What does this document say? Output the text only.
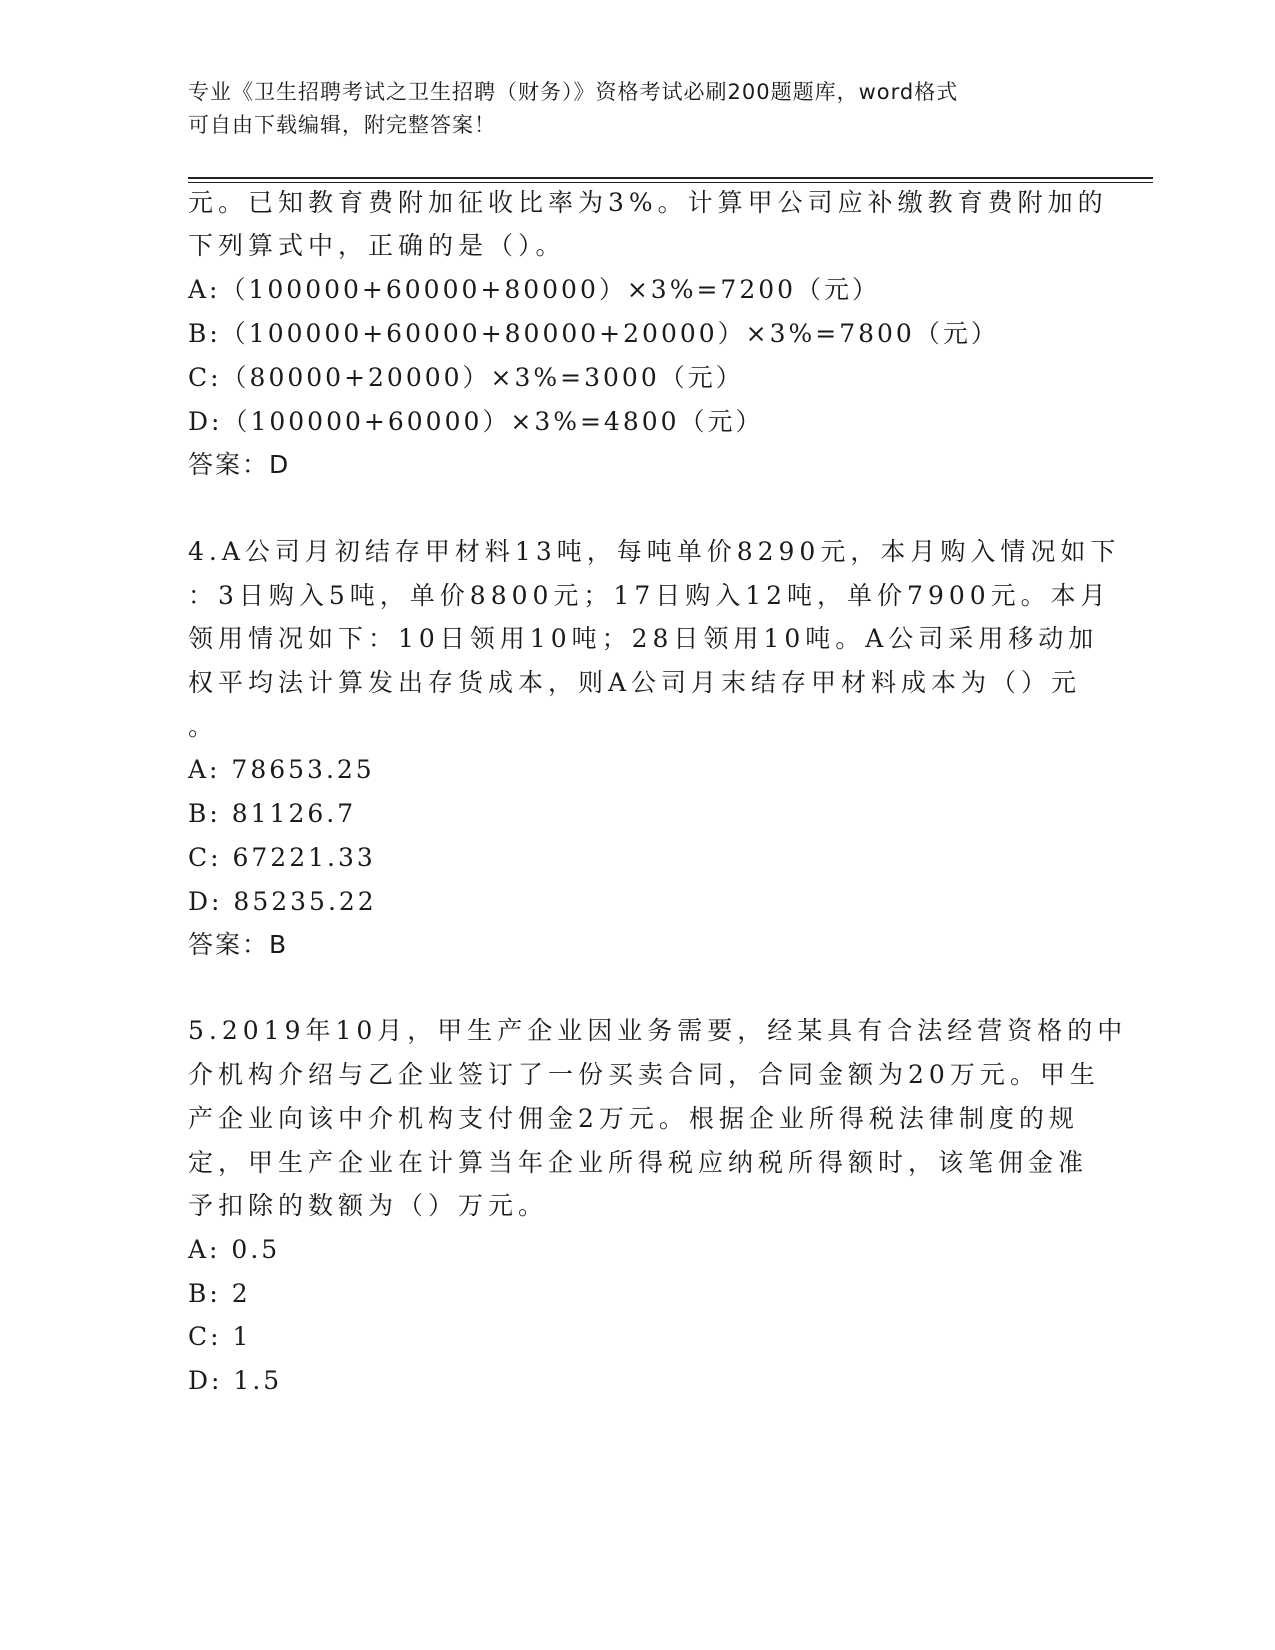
专业《卫生招聘考试之卫生招聘（财务）》资格考试必刷200题题库，word格式
可自由下载编辑，附完整答案！
元。已知教育费附加征收比率为3%。计算甲公司应补缴教育费附加的
下列算式中，正确的是（）。
A:（100000+60000+80000）×3%=7200（元）
B:（100000+60000+80000+20000）×3%=7800（元）
C:（80000+20000）×3%=3000（元）
D:（100000+60000）×3%=4800（元）
答案：D
4.A公司月初结存甲材料13吨，每吨单价8290元，本月购入情况如下
：3日购入5吨，单价8800元；17日购入12吨，单价7900元。本月
领用情况如下：10日领用10吨；28日领用10吨。A公司采用移动加
权平均法计算发出存货成本，则A公司月末结存甲材料成本为（）元
。
A: 78653.25
B: 81126.7
C: 67221.33
D: 85235.22
答案：B
5.2019年10月，甲生产企业因业务需要，经某具有合法经营资格的中
介机构介绍与乙企业签订了一份买卖合同，合同金额为20万元。甲生
产企业向该中介机构支付佣金2万元。根据企业所得税法律制度的规
定，甲生产企业在计算当年企业所得税应纳税所得额时，该笔佣金准
予扣除的数额为（）万元。
A: 0.5
B: 2
C: 1
D: 1.5
